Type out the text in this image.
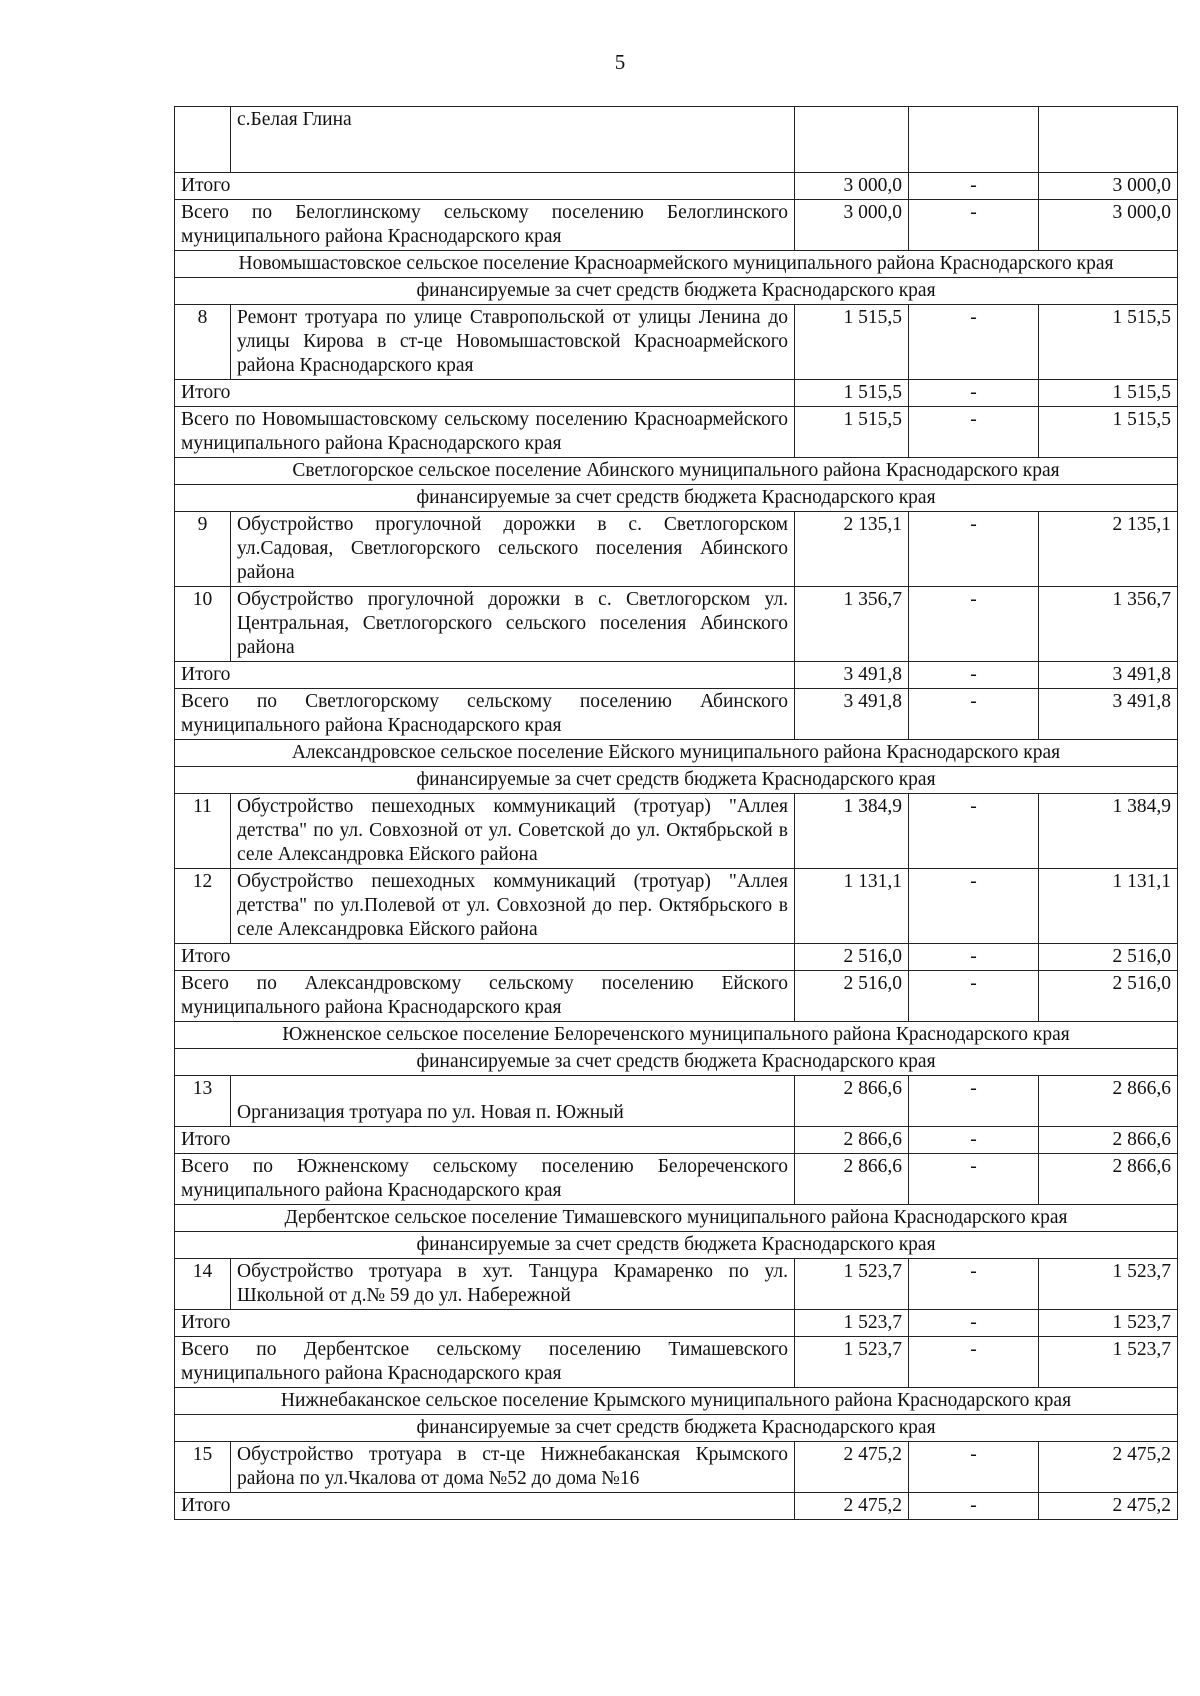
5
	с.Белая Глина			
Итого		3 000,0	-	3 000,0
Всего по Белоглинскому сельскому поселению Белоглинского муниципального района Краснодарского края		3 000,0	-	3 000,0
Новомышастовское сельское поселение Красноармейского муниципального района Краснодарского края				
финансируемые за счет средств бюджета Краснодарского края				
8	Ремонт тротуара по улице Ставропольской от улицы Ленина до улицы Кирова в ст-це Новомышастовской Красноармейского района Краснодарского края	1 515,5	-	1 515,5
Итого		1 515,5	-	1 515,5
Всего по Новомышастовскому сельскому поселению Красноармейского муниципального района Краснодарского края		1 515,5	-	1 515,5
Светлогорское сельское поселение Абинского муниципального района Краснодарского края				
финансируемые за счет средств бюджета Краснодарского края				
9	Обустройство прогулочной дорожки в с. Светлогорском ул.Садовая, Светлогорского сельского поселения Абинского района	2 135,1	-	2 135,1
10	Обустройство прогулочной дорожки в с. Светлогорском ул. Центральная, Светлогорского сельского поселения Абинского района	1 356,7	-	1 356,7
Итого		3 491,8	-	3 491,8
Всего по Светлогорскому сельскому поселению Абинского муниципального района Краснодарского края		3 491,8	-	3 491,8
Александровское сельское поселение Ейского муниципального района Краснодарского края				
финансируемые за счет средств бюджета Краснодарского края				
11	Обустройство пешеходных коммуникаций (тротуар) "Аллея детства" по ул. Совхозной от ул. Советской до ул. Октябрьской в селе Александровка Ейского района	1 384,9	-	1 384,9
12	Обустройство пешеходных коммуникаций (тротуар) "Аллея детства" по ул.Полевой от ул. Совхозной до пер. Октябрьского в селе Александровка Ейского района	1 131,1	-	1 131,1
Итого		2 516,0	-	2 516,0
Всего по Александровскому сельскому поселению Ейского муниципального района Краснодарского края		2 516,0	-	2 516,0
Южненское сельское поселение Белореченского муниципального района Краснодарского края				
финансируемые за счет средств бюджета Краснодарского края				
13	Организация тротуара по ул. Новая п. Южный	2 866,6	-	2 866,6
Итого		2 866,6	-	2 866,6
Всего по Южненскому сельскому поселению Белореченского муниципального района Краснодарского края		2 866,6	-	2 866,6
Дербентское сельское поселение Тимашевского муниципального района Краснодарского края				
финансируемые за счет средств бюджета Краснодарского края				
14	Обустройство тротуара в хут. Танцура Крамаренко по ул. Школьной от д.№ 59 до ул. Набережной	1 523,7	-	1 523,7
Итого		1 523,7	-	1 523,7
Всего по Дербентское сельскому поселению Тимашевского муниципального района Краснодарского края		1 523,7	-	1 523,7
Нижнебаканское сельское поселение Крымского муниципального района Краснодарского края				
финансируемые за счет средств бюджета Краснодарского края				
15	Обустройство тротуара в ст-це Нижнебаканская Крымского района по ул.Чкалова от дома №52 до дома №16	2 475,2	-	2 475,2
Итого		2 475,2	-	2 475,2
